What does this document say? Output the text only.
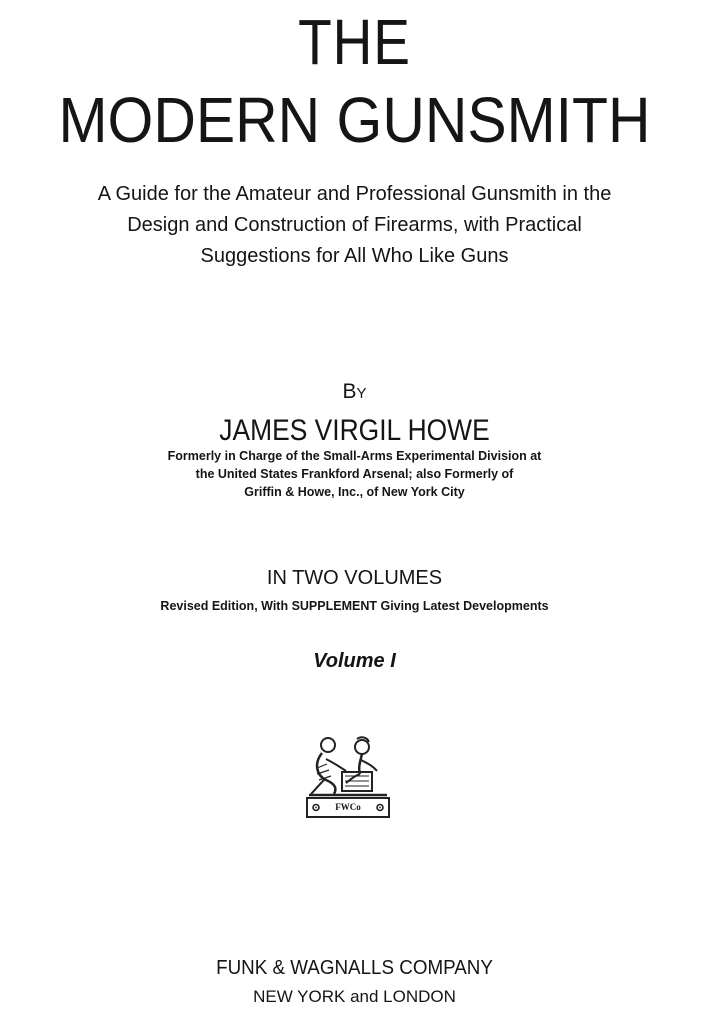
THE
MODERN GUNSMITH
A Guide for the Amateur and Professional Gunsmith in the
Design and Construction of Firearms, with Practical
Suggestions for All Who Like Guns
By
JAMES VIRGIL HOWE
Formerly in Charge of the Small-Arms Experimental Division at
the United States Frankford Arsenal; also Formerly of
Griffin & Howe, Inc., of New York City
IN TWO VOLUMES
Revised Edition, With SUPPLEMENT Giving Latest Developments
Volume I
FWCo
FUNK & WAGNALLS COMPANY
NEW YORK and LONDON
